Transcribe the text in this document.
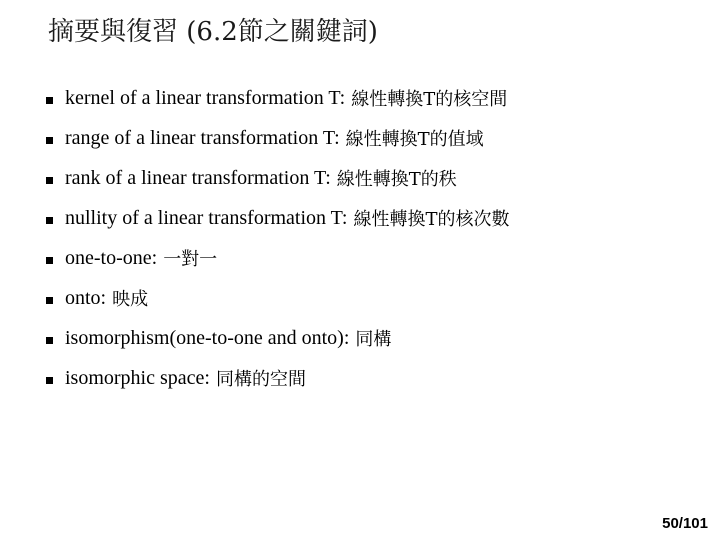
摘要與復習 (6.2節之關鍵詞)
kernel of a linear transformation T: 線性轉換T的核空間
range of a linear transformation T: 線性轉換T的值域
rank of a linear transformation T: 線性轉換T的秩
nullity of a linear transformation T: 線性轉換T的核次數
one-to-one: 一對一
onto: 映成
isomorphism(one-to-one and onto): 同構
isomorphic space: 同構的空間
50/101
